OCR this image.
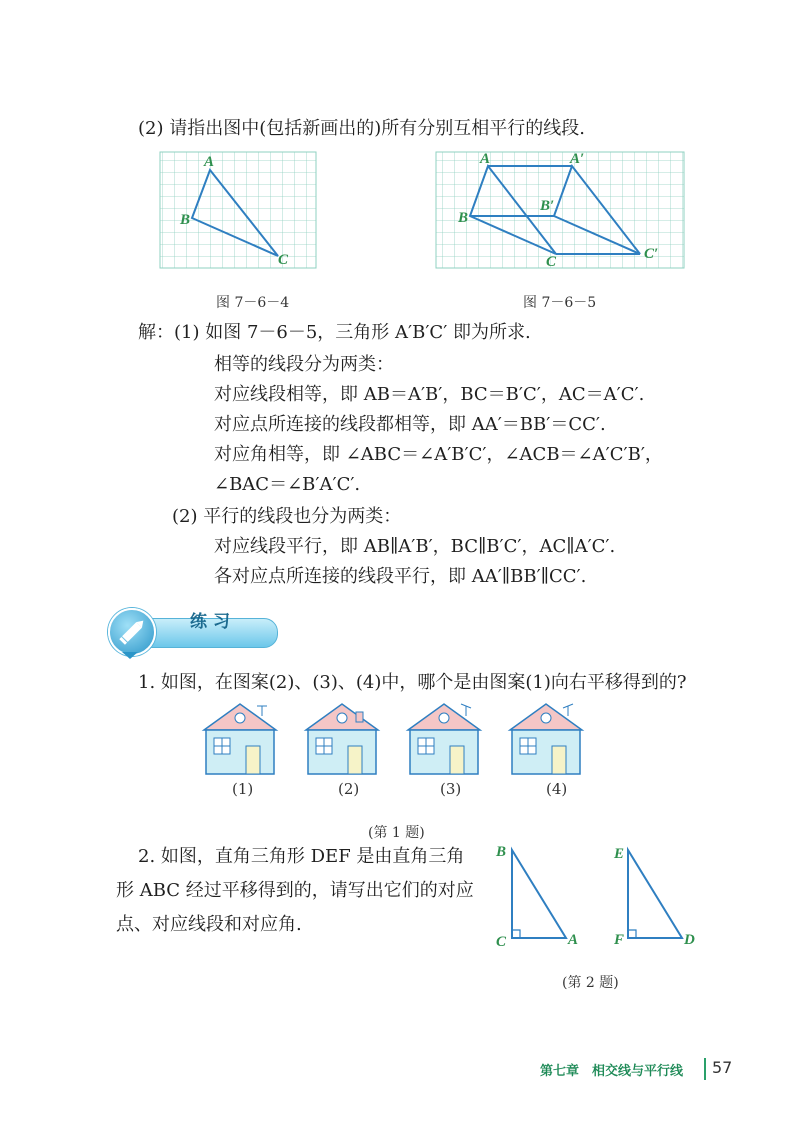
(2) 请指出图中(包括新画出的)所有分别互相平行的线段.
A
B
C
图 7－6－4
A	A′
B
B′
C	C′
图 7－6－5
解：(1) 如图 7－6－5，三角形 A′B′C′ 即为所求.
相等的线段分为两类：
对应线段相等，即 AB＝A′B′，BC＝B′C′，AC＝A′C′.
对应点所连接的线段都相等，即 AA′＝BB′＝CC′.
对应角相等，即 ∠ABC＝∠A′B′C′，∠ACB＝∠A′C′B′，
∠BAC＝∠B′A′C′.
(2) 平行的线段也分为两类：
对应线段平行，即 AB∥A′B′，BC∥B′C′，AC∥A′C′.
各对应点所连接的线段平行，即 AA′∥BB′∥CC′.
练习
1. 如图，在图案(2)、(3)、(4)中，哪个是由图案(1)向右平移得到的?
(1)	(2)	(3)	(4)
(第 1 题)
2. 如图，直角三角形 DEF 是由直角三角
形 ABC 经过平移得到的，请写出它们的对应
点、对应线段和对应角.
B
C	A
E
F	D
(第 2 题)
第七章　相交线与平行线 57
